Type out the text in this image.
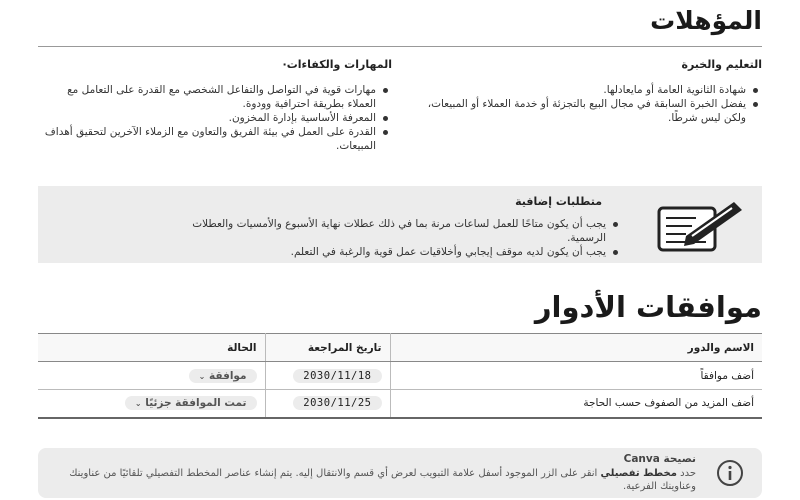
المؤهلات
التعليم والخبرة
شهادة الثانوية العامة أو مايعادلها.
يفضل الخبرة السابقة في مجال البيع بالتجزئة أو خدمة العملاء أو المبيعات، ولكن ليس شرطًا.
المهارات والكفاءات·
مهارات قوية في التواصل والتفاعل الشخصي مع القدرة على التعامل مع العملاء بطريقة احترافية وودوة.
المعرفة الأساسية بإدارة المخزون.
القدرة على العمل في بيئة الفريق والتعاون مع الزملاء الآخرين لتحقيق أهداف المبيعات.
متطلبات إضافية
يجب أن يكون متاحًا للعمل لساعات مرنة بما في ذلك عطلات نهاية الأسبوع والأمسيات والعطلات الرسمية.
يجب أن يكون لديه موقف إيجابي وأخلاقيات عمل قوية والرغبة في التعلم.
موافقات الأدوار
الاسم والدور	تاريخ المراجعة	الحالة
أضف موافقاً	2030/11/18	موافقة ⌄
أضف المزيد من الصفوف حسب الحاجة	2030/11/25	تمت الموافقة جزئيًا ⌄
نصيحة Canva
حدد مخطط تفصيلي انقر على الزر الموجود أسفل علامة التبويب لعرض أي قسم والانتقال إليه. يتم إنشاء عناصر المخطط التفصيلي تلقائيًا من عناوينك وعناوينك الفرعية.
